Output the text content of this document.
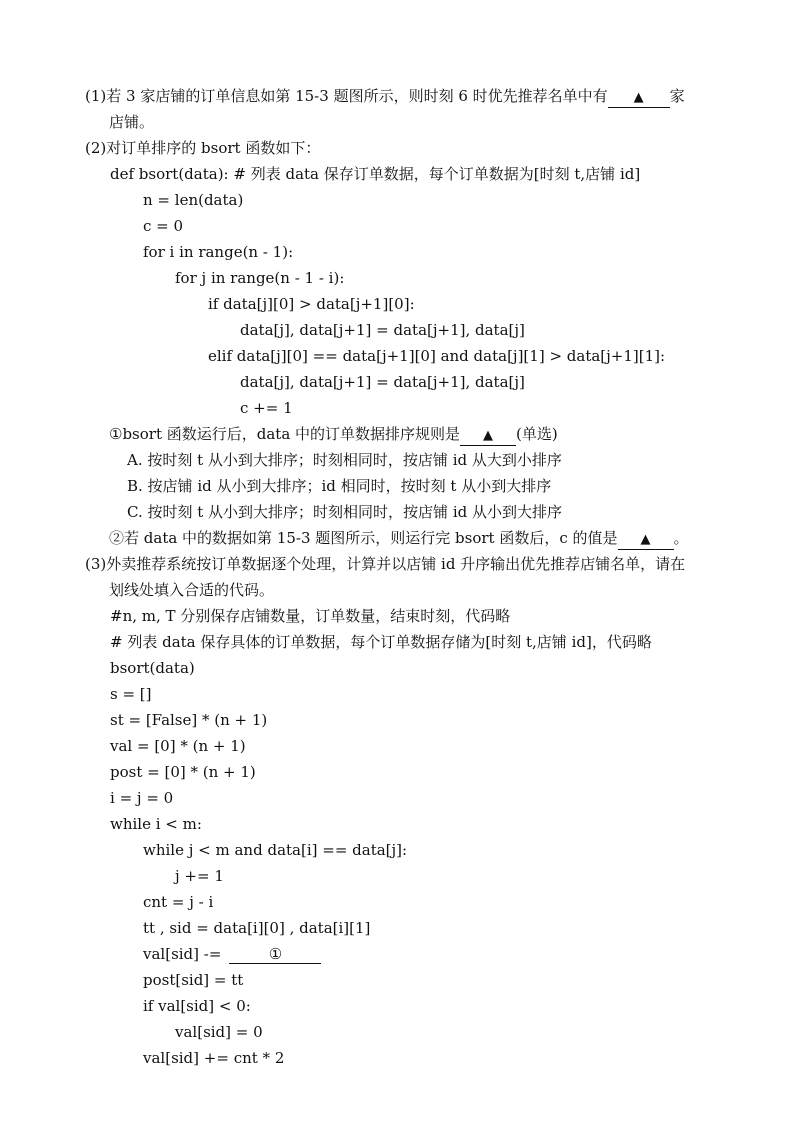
(1)若 3 家店铺的订单信息如第 15-3 题图所示，则时刻 6 时优先推荐名单中有 ▲ 家
店铺。
(2)对订单排序的 bsort 函数如下：
def bsort(data): # 列表 data 保存订单数据，每个订单数据为[时刻 t,店铺 id]
n = len(data)
c = 0
for i in range(n - 1):
for j in range(n - 1 - i):
if data[j][0] > data[j+1][0]:
data[j], data[j+1] = data[j+1], data[j]
elif data[j][0] == data[j+1][0] and data[j][1] > data[j+1][1]:
data[j], data[j+1] = data[j+1], data[j]
c += 1
①bsort 函数运行后，data 中的订单数据排序规则是 ▲ (单选)
A. 按时刻 t 从小到大排序；时刻相同时，按店铺 id 从大到小排序
B. 按店铺 id 从小到大排序；id 相同时，按时刻 t 从小到大排序
C. 按时刻 t 从小到大排序；时刻相同时，按店铺 id 从小到大排序
②若 data 中的数据如第 15-3 题图所示，则运行完 bsort 函数后，c 的值是 ▲ 。
(3)外卖推荐系统按订单数据逐个处理，计算并以店铺 id 升序输出优先推荐店铺名单，请在
划线处填入合适的代码。
#n, m, T 分别保存店铺数量，订单数量，结束时刻，代码略
# 列表 data 保存具体的订单数据，每个订单数据存储为[时刻 t,店铺 id]，代码略
bsort(data)
s = []
st = [False] * (n + 1)
val = [0] * (n + 1)
post = [0] * (n + 1)
i = j = 0
while i < m:
while j < m and data[i] == data[j]:
j += 1
cnt = j - i
tt , sid = data[i][0] , data[i][1]
val[sid] -=	①
post[sid] = tt
if val[sid] < 0:
val[sid] = 0
val[sid] += cnt * 2
